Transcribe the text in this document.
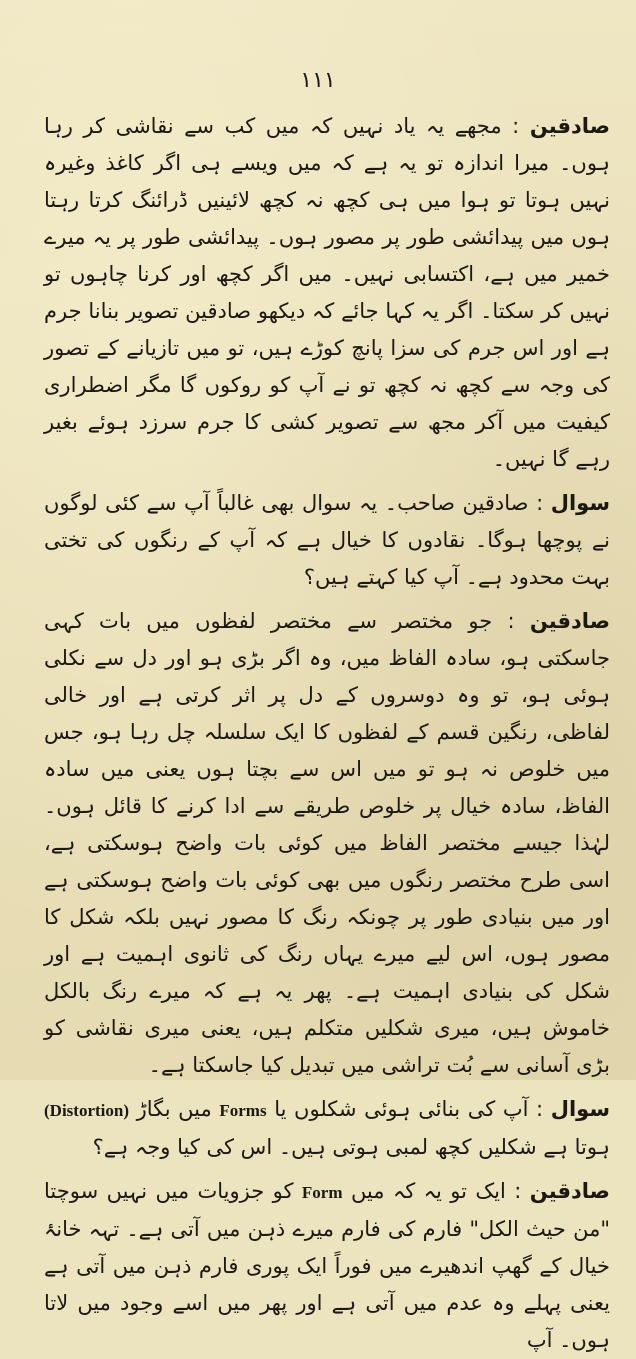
۱۱۱

صادقین : مجھے یہ یاد نہیں کہ میں کب سے نقاشی کر رہا ہوں۔ میرا اندازہ تو یہ ہے کہ میں ویسے ہی اگر کاغذ وغیرہ نہیں ہوتا تو ہوا میں ہی کچھ نہ کچھ لائینیں ڈرائنگ کرتا رہتا ہوں میں پیدائشی طور پر مصور ہوں۔ پیدائشی طور پر یہ میرے خمیر میں ہے، اکتسابی نہیں۔ میں اگر کچھ اور کرنا چاہوں تو نہیں کر سکتا۔ اگر یہ کہا جائے کہ دیکھو صادقین تصویر بنانا جرم ہے اور اس جرم کی سزا پانچ کوڑے ہیں، تو میں تازیانے کے تصور کی وجہ سے کچھ نہ کچھ تو نے آپ کو روکوں گا مگر اضطراری کیفیت میں آکر مجھ سے تصویر کشی کا جرم سرزد ہوئے بغیر رہے گا نہیں۔

سوال : صادقین صاحب۔ یہ سوال بھی غالباً آپ سے کئی لوگوں نے پوچھا ہوگا۔ نقادوں کا خیال ہے کہ آپ کے رنگوں کی تختی بہت محدود ہے۔ آپ کیا کہتے ہیں؟

صادقین : جو مختصر سے مختصر لفظوں میں بات کہی جاسکتی ہو، سادہ الفاظ میں، وہ اگر بڑی ہو اور دل سے نکلی ہوئی ہو، تو وہ دوسروں کے دل پر اثر کرتی ہے اور خالی لفاظی، رنگین قسم کے لفظوں کا ایک سلسلہ چل رہا ہو، جس میں خلوص نہ ہو تو میں اس سے بچتا ہوں یعنی میں سادہ الفاظ، سادہ خیال پر خلوص طریقے سے ادا کرنے کا قائل ہوں۔ لہٰذا جیسے مختصر الفاظ میں کوئی بات واضح ہوسکتی ہے، اسی طرح مختصر رنگوں میں بھی کوئی بات واضح ہوسکتی ہے اور میں بنیادی طور پر چونکہ رنگ کا مصور نہیں بلکہ شکل کا مصور ہوں، اس لیے میرے یہاں رنگ کی ثانوی اہمیت ہے اور شکل کی بنیادی اہمیت ہے۔ پھر یہ ہے کہ میرے رنگ بالکل خاموش ہیں، میری شکلیں متکلم ہیں، یعنی میری نقاشی کو بڑی آسانی سے بُت تراشی میں تبدیل کیا جاسکتا ہے۔

سوال : آپ کی بنائی ہوئی شکلوں یا Forms میں بگاڑ (Distortion) ہوتا ہے شکلیں کچھ لمبی ہوتی ہیں۔ اس کی کیا وجہ ہے؟

صادقین : ایک تو یہ کہ میں Form کو جزویات میں نہیں سوچتا "من حیث الکل" فارم کی فارم میرے ذہن میں آتی ہے۔ تہہ خانۂ خیال کے گھپ اندھیرے میں فوراً ایک پوری فارم ذہن میں آتی ہے یعنی پہلے وہ عدم میں آتی ہے اور پھر میں اسے وجود میں لاتا ہوں۔ آپ
